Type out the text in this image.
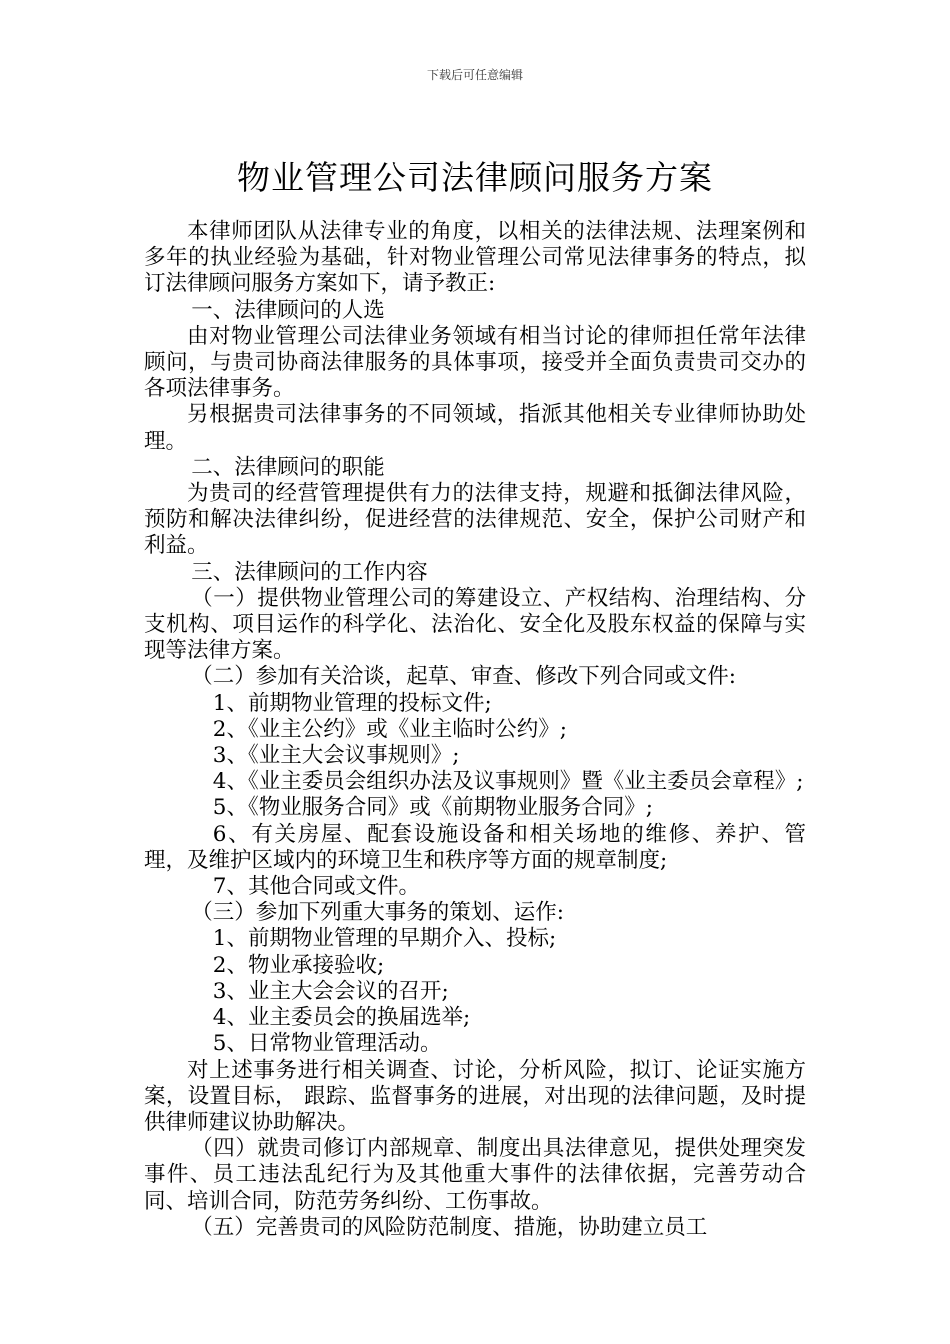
下载后可任意编辑
物业管理公司法律顾问服务方案

本律师团队从法律专业的角度，以相关的法律法规、法理案例和多年的执业经验为基础，针对物业管理公司常见法律事务的特点，拟订法律顾问服务方案如下，请予教正:

一、法律顾问的人选

由对物业管理公司法律业务领域有相当讨论的律师担任常年法律顾问，与贵司协商法律服务的具体事项，接受并全面负责贵司交办的各项法律事务。

另根据贵司法律事务的不同领域，指派其他相关专业律师协助处理。

二、法律顾问的职能

为贵司的经营管理提供有力的法律支持，规避和抵御法律风险，预防和解决法律纠纷，促进经营的法律规范、安全，保护公司财产和利益。

三、法律顾问的工作内容

（一）提供物业管理公司的筹建设立、产权结构、治理结构、分支机构、项目运作的科学化、法治化、安全化及股东权益的保障与实现等法律方案。

（二）参加有关洽谈，起草、审查、修改下列合同或文件:

1、前期物业管理的投标文件;

2、《业主公约》或《业主临时公约》;

3、《业主大会议事规则》;

4、《业主委员会组织办法及议事规则》暨《业主委员会章程》;

5、《物业服务合同》或《前期物业服务合同》;

6、有关房屋、配套设施设备和相关场地的维修、养护、管理，及维护区域内的环境卫生和秩序等方面的规章制度;

7、其他合同或文件。

（三）参加下列重大事务的策划、运作:

1、前期物业管理的早期介入、投标;

2、物业承接验收;

3、业主大会会议的召开;

4、业主委员会的换届选举;

5、日常物业管理活动。

对上述事务进行相关调查、讨论，分析风险，拟订、论证实施方案，设置目标， 跟踪、监督事务的进展，对出现的法律问题，及时提供律师建议协助解决。

（四）就贵司修订内部规章、制度出具法律意见，提供处理突发事件、员工违法乱纪行为及其他重大事件的法律依据，完善劳动合同、培训合同，防范劳务纠纷、工伤事故。

（五）完善贵司的风险防范制度、措施，协助建立员工
